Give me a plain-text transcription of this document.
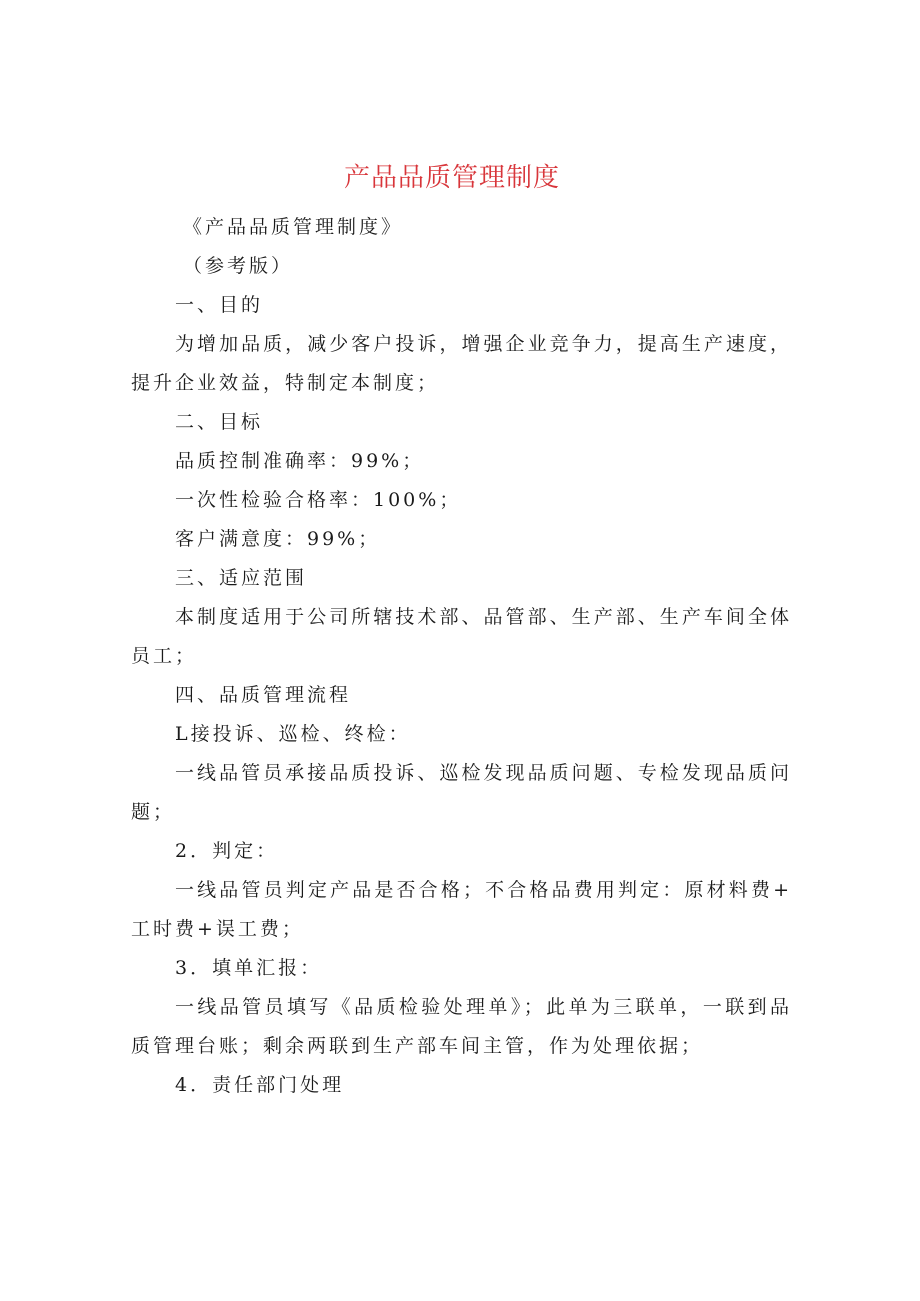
产品品质管理制度
《产品品质管理制度》
（参考版）
一、目的
为增加品质，减少客户投诉，增强企业竞争力，提高生产速度，
提升企业效益，特制定本制度；
二、目标
品质控制准确率：99%；
一次性检验合格率：100%；
客户满意度：99%；
三、适应范围
本制度适用于公司所辖技术部、品管部、生产部、生产车间全体
员工；
四、品质管理流程
L接投诉、巡检、终检：
一线品管员承接品质投诉、巡检发现品质问题、专检发现品质问
题；
2．判定：
一线品管员判定产品是否合格；不合格品费用判定：原材料费+
工时费+误工费；
3．填单汇报：
一线品管员填写《品质检验处理单》；此单为三联单，一联到品
质管理台账；剩余两联到生产部车间主管，作为处理依据；
4．责任部门处理
